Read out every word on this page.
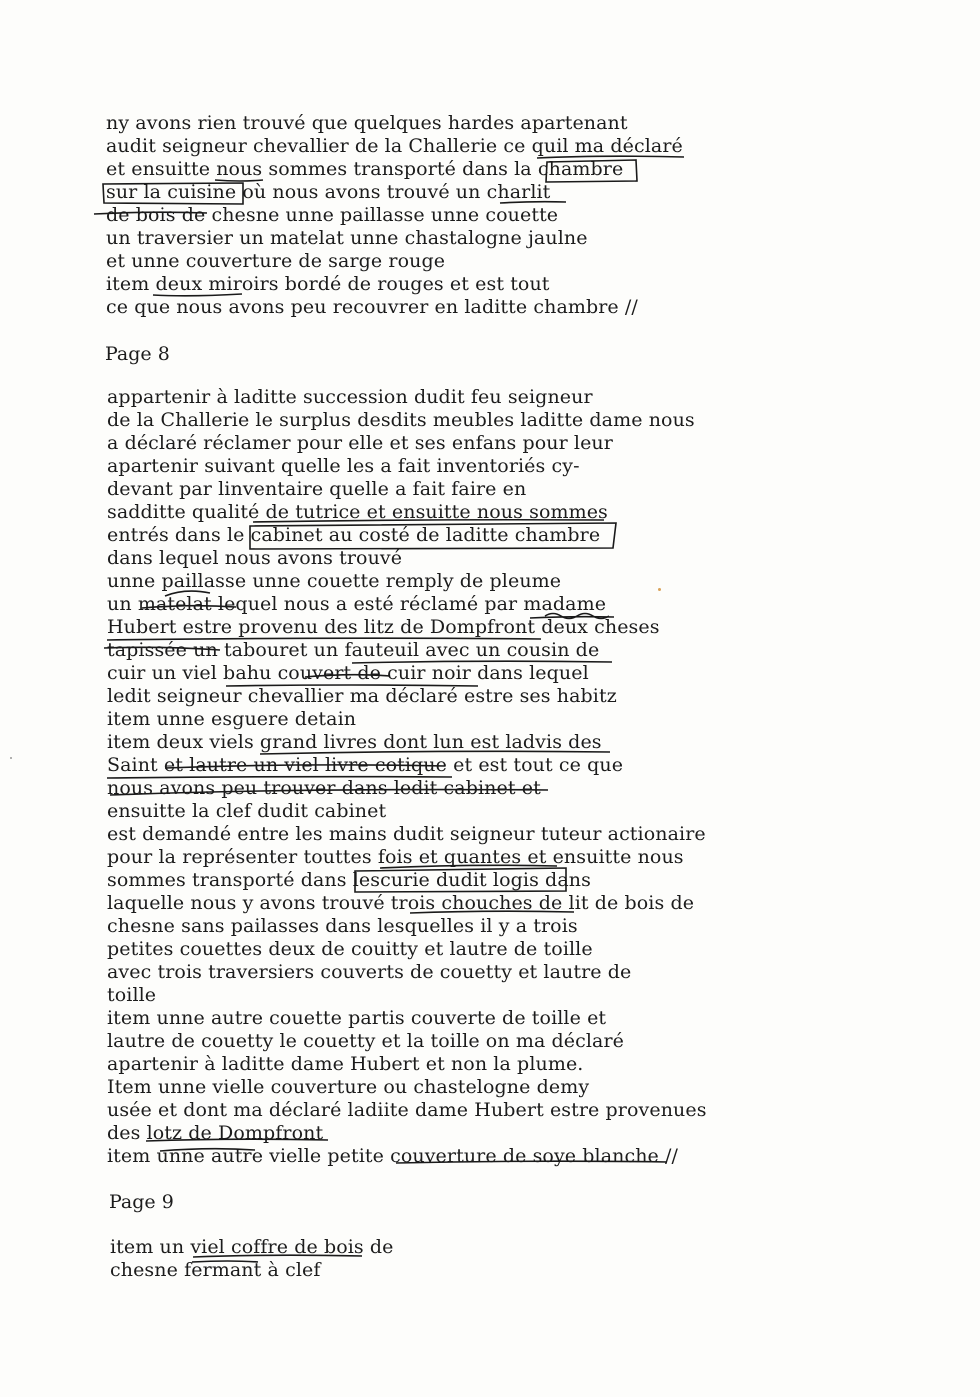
ny avons rien trouvé que quelques hardes apartenant
audit seigneur chevallier de la Challerie ce quil ma déclaré
et ensuitte nous sommes transporté dans la chambre
sur la cuisine où nous avons trouvé un charlit
de bois de chesne unne paillasse unne couette
un traversier un matelat unne chastalogne jaulne
et unne couverture de sarge rouge
item deux miroirs bordé de rouges et est tout
ce que nous avons peu recouvrer en laditte chambre //
Page 8
appartenir à laditte succession dudit feu seigneur
de la Challerie le surplus desdits meubles laditte dame nous
a déclaré réclamer pour elle et ses enfans pour leur
apartenir suivant quelle les a fait inventoriés cy-
devant par linventaire quelle a fait faire en
sadditte qualité de tutrice et ensuitte nous sommes
entrés dans le cabinet au costé de laditte chambre
dans lequel nous avons trouvé
unne paillasse unne couette remply de pleume
un matelat lequel nous a esté réclamé par madame
Hubert estre provenu des litz de Dompfront deux cheses
tapissée un tabouret un fauteuil avec un cousin de
cuir un viel bahu couvert de cuir noir dans lequel
ledit seigneur chevallier ma déclaré estre ses habitz
item unne esguere detain
item deux viels grand livres dont lun est ladvis des
Saint et lautre un viel livre cotique et est tout ce que
nous avons peu trouver dans ledit cabinet et
ensuitte la clef dudit cabinet
est demandé entre les mains dudit seigneur tuteur actionaire
pour la représenter touttes fois et quantes et ensuitte nous
sommes transporté dans lescurie dudit logis dans
laquelle nous y avons trouvé trois chouches de lit de bois de
chesne sans pailasses dans lesquelles il y a trois
petites couettes deux de couitty et lautre de toille
avec trois traversiers couverts de couetty et lautre de
toille
item unne autre couette partis couverte de toille et
lautre de couetty le couetty et la toille on ma déclaré
apartenir à laditte dame Hubert et non la plume.
Item unne vielle couverture ou chastelogne demy
usée et dont ma déclaré ladiite dame Hubert estre provenues
des lotz de Dompfront
item unne autre vielle petite couverture de soye blanche //
Page 9
item un viel coffre de bois de
chesne fermant à clef
